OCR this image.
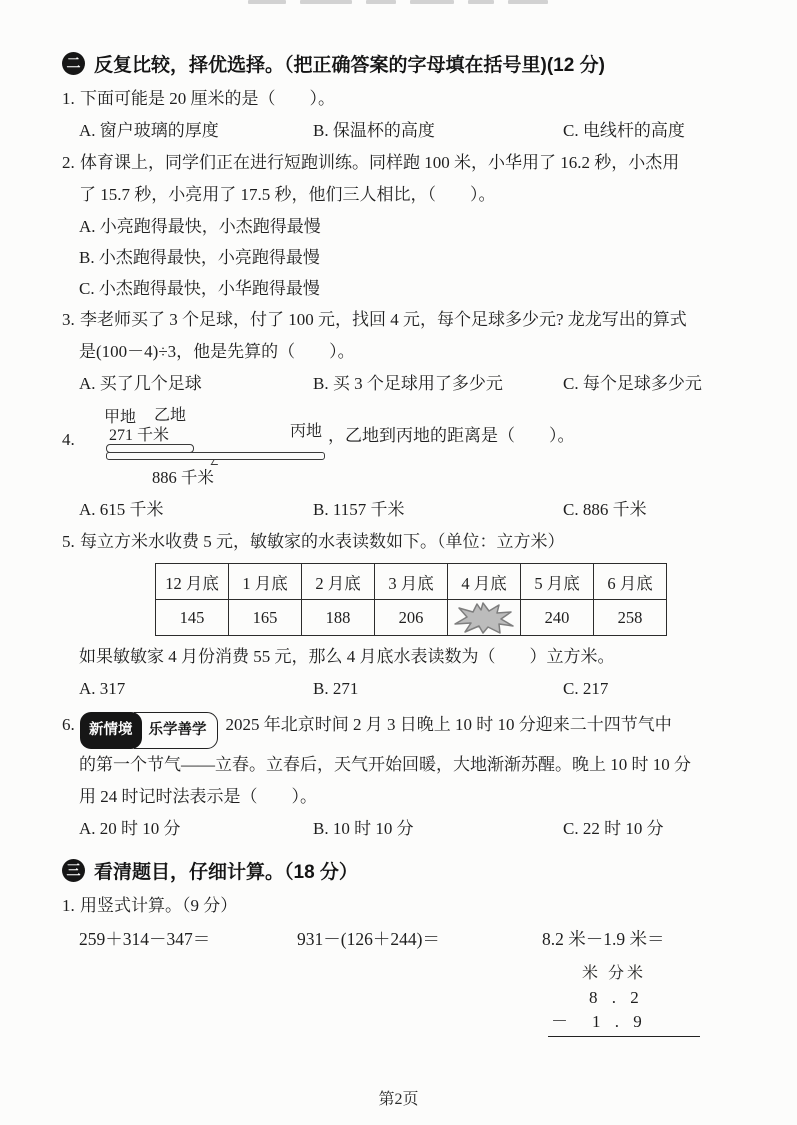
二 反复比较，择优选择。（把正确答案的字母填在括号里)(12 分)
1. 下面可能是 20 厘米的是（　　）。
A. 窗户玻璃的厚度	B. 保温杯的高度	C. 电线杆的高度
2. 体育课上，同学们正在进行短跑训练。同样跑 100 米，小华用了 16.2 秒，小杰用
了 15.7 秒，小亮用了 17.5 秒，他们三人相比，（　　）。
A. 小亮跑得最快，小杰跑得最慢
B. 小杰跑得最快，小亮跑得最慢
C. 小杰跑得最快，小华跑得最慢
3. 李老师买了 3 个足球，付了 100 元，找回 4 元，每个足球多少元? 龙龙写出的算式
是(100－4)÷3，他是先算的（　　）。
A. 买了几个足球	B. 买 3 个足球用了多少元	C. 每个足球多少元
4.
甲地 乙地
丙地
271 千米
886 千米
，乙地到丙地的距离是（　　）。
A. 615 千米	B. 1157 千米	C. 886 千米
5. 每立方米水收费 5 元，敏敏家的水表读数如下。（单位：立方米）
12 月底	1 月底	2 月底	3 月底	4 月底	5 月底	6 月底
145	165	188	206		240	258
如果敏敏家 4 月份消费 55 元，那么 4 月底水表读数为（　　）立方米。
A. 317	B. 271	C. 217
6. 新情境	乐学善学	2025 年北京时间 2 月 3 日晚上 10 时 10 分迎来二十四节气中
的第一个节气——立春。立春后，天气开始回暖，大地渐渐苏醒。晚上 10 时 10 分
用 24 时记时法表示是（　　）。
A. 20 时 10 分	B. 10 时 10 分	C. 22 时 10 分
三 看清题目，仔细计算。（18 分）
1. 用竖式计算。（9 分）
259＋314－347＝	931－(126＋244)＝	8.2 米－1.9 米＝
米 分米
8 . 2
－	1 . 9
第2页
